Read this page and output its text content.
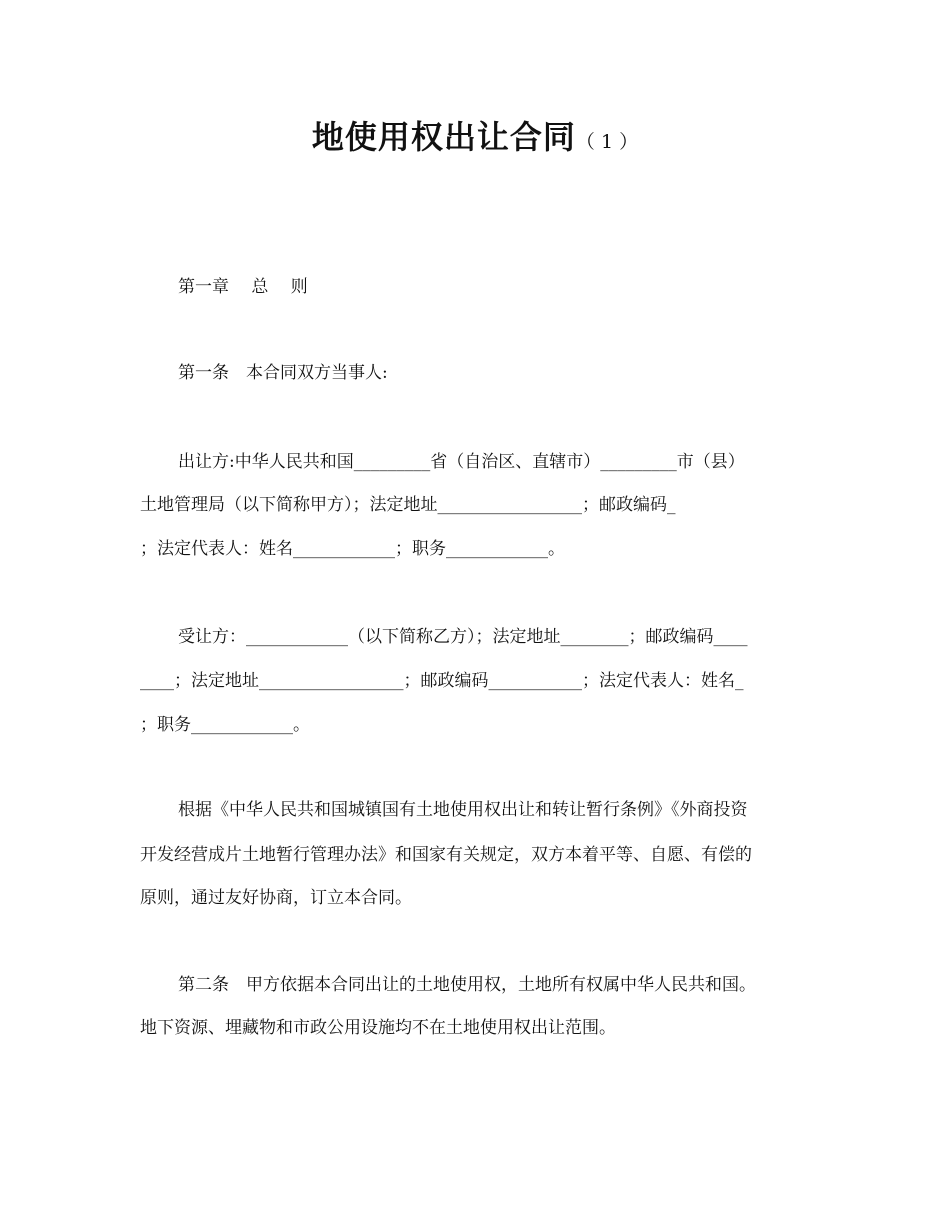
地使用权出让合同（ 1 ）
第一章　 总　 则
第一条　本合同双方当事人:
出让方:中华人民共和国_________省（自治区、直辖市）_________市（县）
土地管理局（以下简称甲方）；法定地址_________________；邮政编码_
；法定代表人：姓名____________；职务____________。
受让方：____________（以下简称乙方）；法定地址________；邮政编码____
____；法定地址_________________；邮政编码___________；法定代表人：姓名_
；职务____________。
根据《中华人民共和国城镇国有土地使用权出让和转让暂行条例》《外商投资
开发经营成片土地暂行管理办法》和国家有关规定，双方本着平等、自愿、有偿的
原则，通过友好协商，订立本合同。
第二条　甲方依据本合同出让的土地使用权，土地所有权属中华人民共和国。
地下资源、埋藏物和市政公用设施均不在土地使用权出让范围。
